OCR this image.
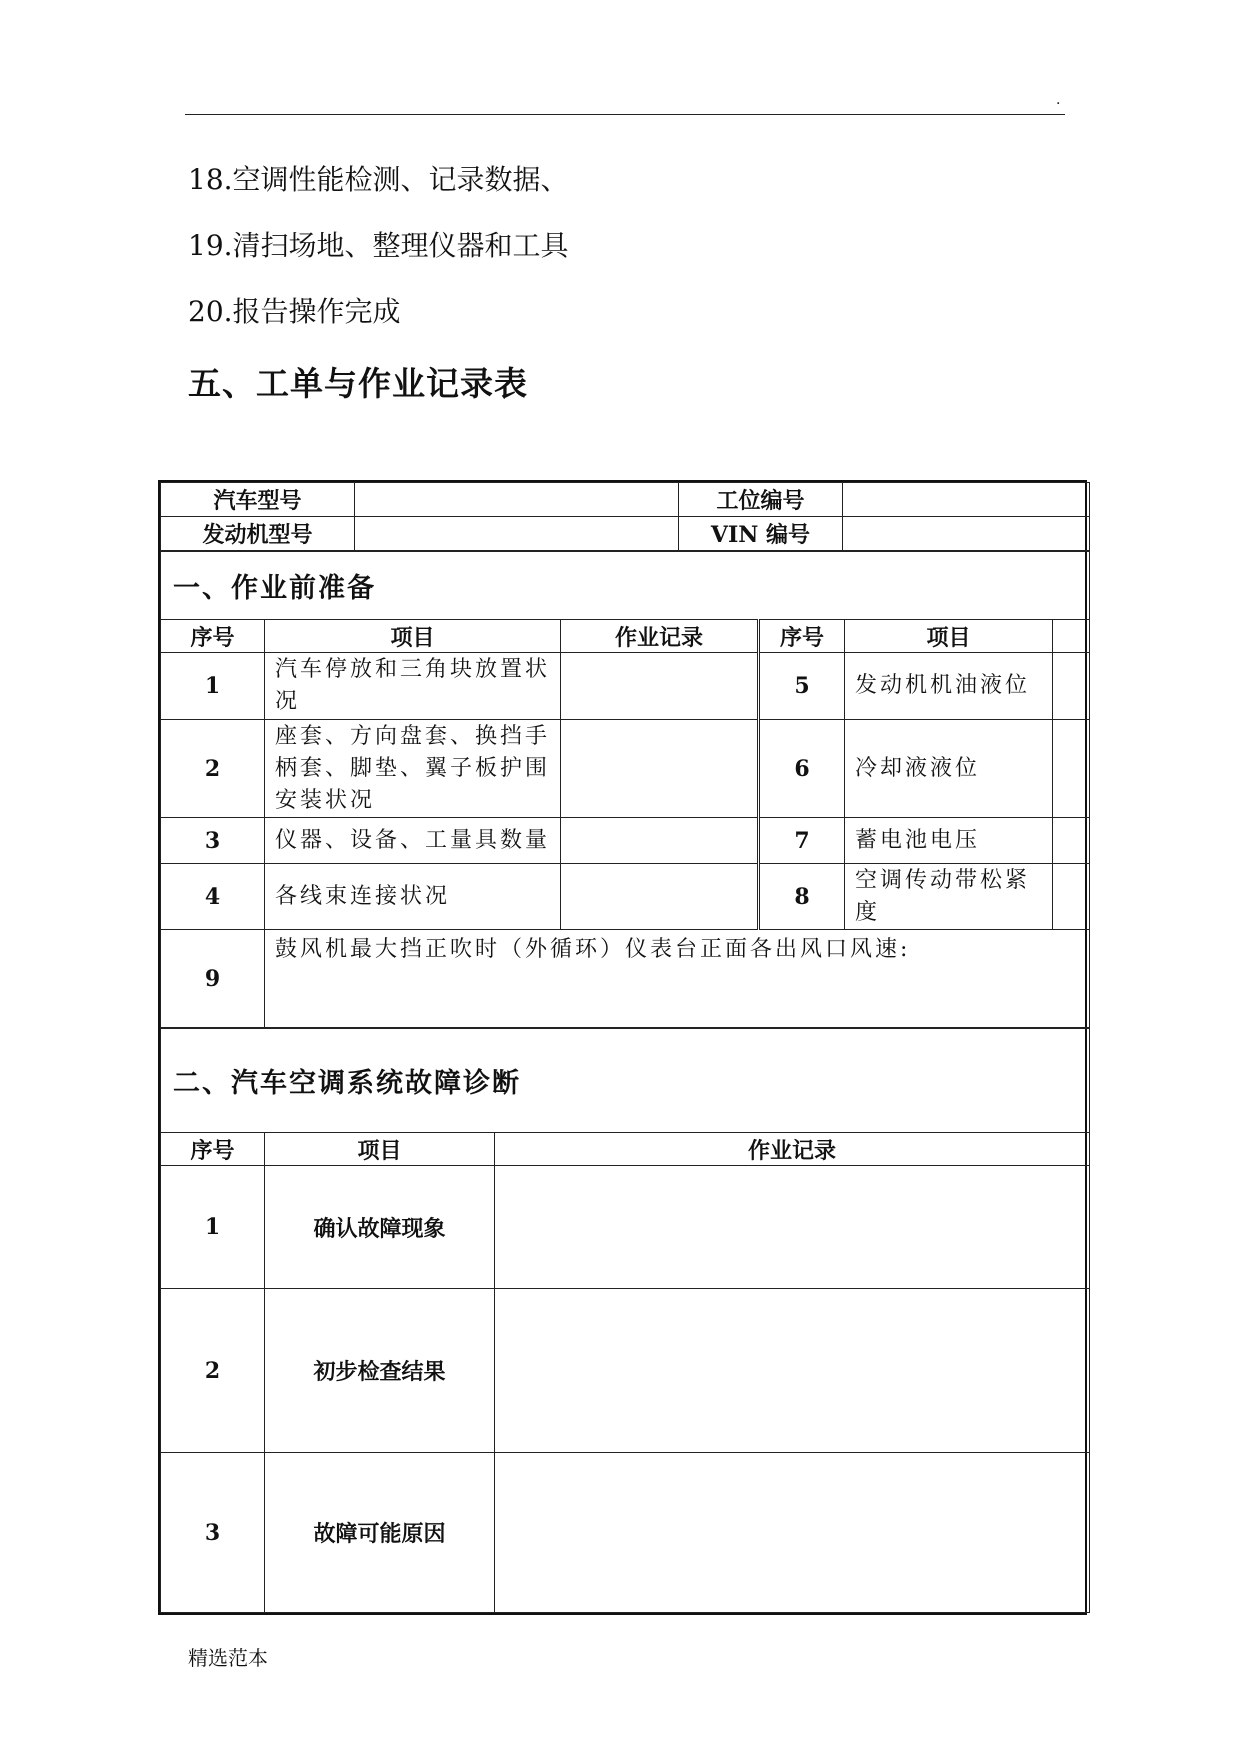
.
18.空调性能检测、记录数据、
19.清扫场地、整理仪器和工具
20.报告操作完成
五、工单与作业记录表
汽车型号		工位编号	
发动机型号		VIN 编号	
一、作业前准备					
序号	项目	作业记录	序号	项目	
1	汽车停放和三角块放置状况		5	发动机机油液位	
2	座套、方向盘套、换挡手柄套、脚垫、翼子板护围安装状况		6	冷却液液位	
3	仪器、设备、工量具数量		7	蓄电池电压	
4	各线束连接状况		8	空调传动带松紧度	
9	鼓风机最大挡正吹时（外循环）仪表台正面各出风口风速:				
二、汽车空调系统故障诊断		
序号	项目	作业记录
1	确认故障现象	
2	初步检查结果	
3	故障可能原因	
精选范本
